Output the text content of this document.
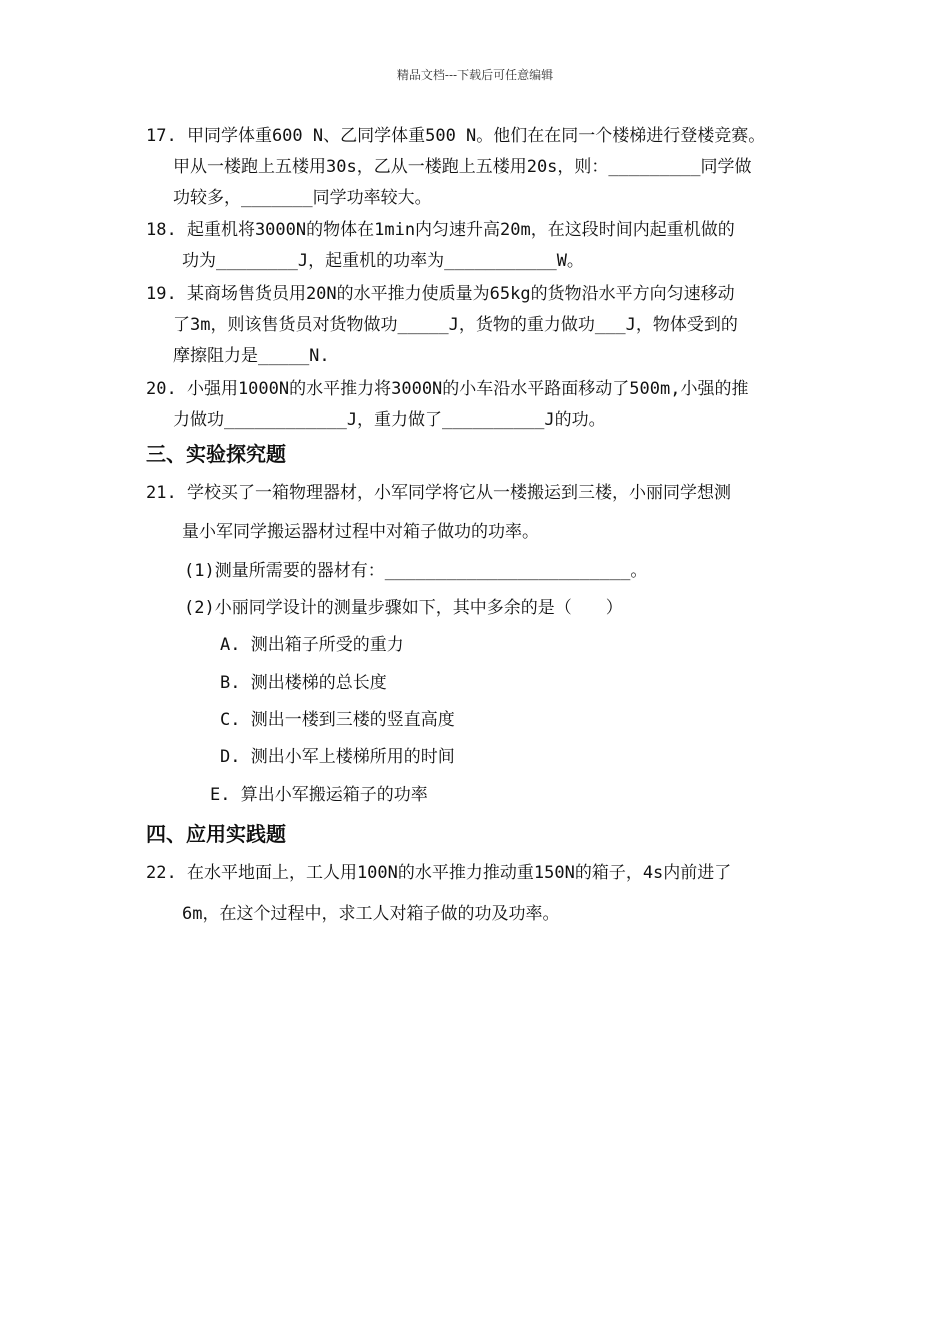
精品文档---下载后可任意编辑
17. 甲同学体重600 N、乙同学体重500 N。他们在在同一个楼梯进行登楼竞赛。
甲从一楼跑上五楼用30s，乙从一楼跑上五楼用20s，则：_________同学做
功较多，_______同学功率较大。
18. 起重机将3000N的物体在1min内匀速升高20m，在这段时间内起重机做的
功为________J，起重机的功率为___________W。
19. 某商场售货员用20N的水平推力使质量为65kg的货物沿水平方向匀速移动
了3m，则该售货员对货物做功_____J，货物的重力做功___J，物体受到的
摩擦阻力是_____N.
20. 小强用1000N的水平推力将3000N的小车沿水平路面移动了500m,小强的推
力做功____________J，重力做了__________J的功。
三、实验探究题
21. 学校买了一箱物理器材，小军同学将它从一楼搬运到三楼，小丽同学想测
量小军同学搬运器材过程中对箱子做功的功率。
(1)测量所需要的器材有：________________________。
(2)小丽同学设计的测量步骤如下，其中多余的是（　　）
A. 测出箱子所受的重力
B. 测出楼梯的总长度
C. 测出一楼到三楼的竖直高度
D. 测出小军上楼梯所用的时间
E. 算出小军搬运箱子的功率
四、应用实践题
22. 在水平地面上，工人用100N的水平推力推动重150N的箱子，4s内前进了
6m，在这个过程中，求工人对箱子做的功及功率。
